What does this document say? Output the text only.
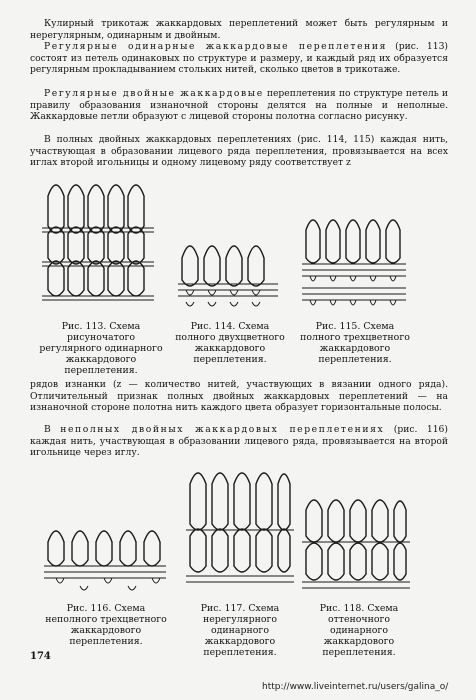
Кулирный трикотаж жаккардовых переплетений может быть регулярным и нерегулярным, одинарным и двойным.

Регулярные одинарные жаккардовые переплетения (рис. 113) состоят из петель одинаковых по структуре и размеру, и каждый ряд их образуется регулярным прокладыванием стольких нитей, сколько цветов в трикотаже.

Регулярные двойные жаккардовые переплетения по структуре петель и правилу образования изнаночной стороны делятся на полные и неполные. Жаккардовые петли образуют с лицевой стороны полотна согласно рисунку.

В полных двойных жаккардовых переплетениях (рис. 114, 115) каждая нить, участвующая в образовании лицевого ряда переплетения, провязывается на всех иглах второй игольницы и одному лицевому ряду соответствует z

Рис. 113. Схема рисуночатого регулярного одинарного жаккардового переплетения.

Рис. 114. Схема полного двухцветного жаккардового переплетения.

Рис. 115. Схема полного трехцветного жаккардового переплетения.

рядов изнанки (z — количество нитей, участвующих в вязании одного ряда). Отличительный признак полных двойных жаккардовых переплетений — на изнаночной стороне полотна нить каждого цвета образует горизонтальные полосы.

В неполных двойных жаккардовых переплетениях (рис. 116) каждая нить, участвующая в образовании лицевого ряда, провязывается на второй игольнице через иглу.

Рис. 116. Схема неполного трехцветного жаккардового переплетения.

Рис. 117. Схема нерегулярного одинарного жаккардового переплетения.

Рис. 118. Схема оттеночного одинарного жаккардового переплетения.

174
http://www.liveinternet.ru/users/galina_o/
